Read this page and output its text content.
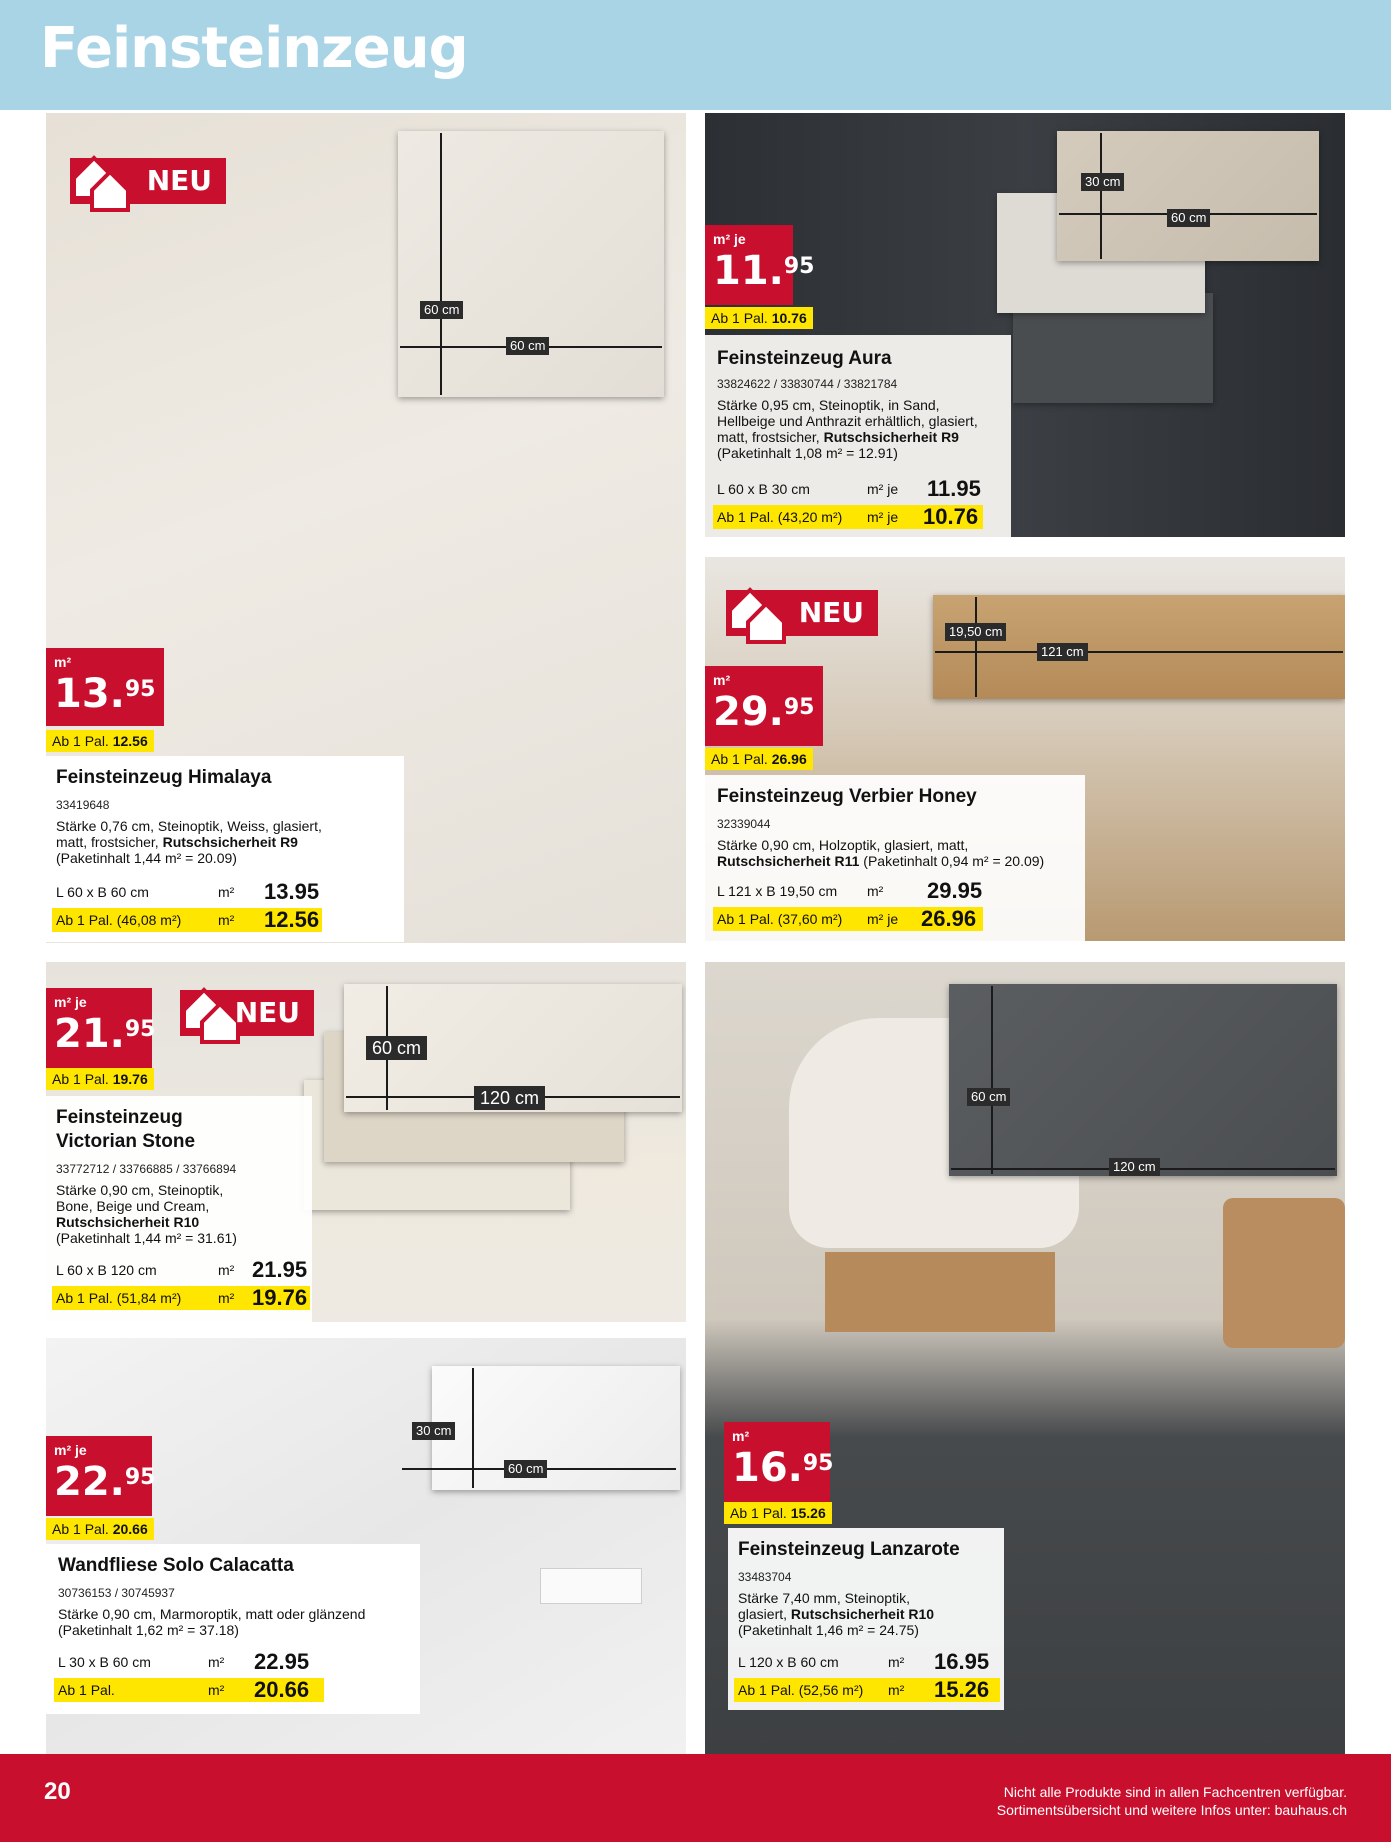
Feinsteinzeug
60 cm
60 cm
NEU
m²
13.95
Ab 1 Pal. 12.56
Feinsteinzeug Himalaya
33419648
Stärke 0,76 cm, Steinoptik, Weiss, glasiert,
matt, frostsicher, Rutschsicherheit R9
(Paketinhalt 1,44 m² = 20.09)
L 60 x B 60 cm	m² 13.95
Ab 1 Pal. (46,08 m²)	m² 12.56
30 cm
60 cm
m² je
11.95
Ab 1 Pal. 10.76
Feinsteinzeug Aura
33824622 / 33830744 / 33821784
Stärke 0,95 cm, Steinoptik, in Sand,
Hellbeige und Anthrazit erhältlich, glasiert,
matt, frostsicher, Rutschsicherheit R9
(Paketinhalt 1,08 m² = 12.91)
L 60 x B 30 cm	m² je 11.95
Ab 1 Pal. (43,20 m²) m² je 10.76
19,50 cm
121 cm
NEU
m²
29.95
Ab 1 Pal. 26.96
Feinsteinzeug Verbier Honey
32339044
Stärke 0,90 cm, Holzoptik, glasiert, matt,
Rutschsicherheit R11 (Paketinhalt 0,94 m² = 20.09)
L 121 x B 19,50 cm m² 29.95
Ab 1 Pal. (37,60 m²) m² je 26.96
60 cm
120 cm
m² je
21.95
NEU
Ab 1 Pal. 19.76
Feinsteinzeug
Victorian Stone
33772712 / 33766885 / 33766894
Stärke 0,90 cm, Steinoptik,
Bone, Beige und Cream,
Rutschsicherheit R10
(Paketinhalt 1,44 m² = 31.61)
L 60 x B 120 cm	m² 21.95
Ab 1 Pal. (51,84 m²)	m² 19.76
60 cm
120 cm
m²
16.95
Ab 1 Pal. 15.26
Feinsteinzeug Lanzarote
33483704
Stärke 7,40 mm, Steinoptik,
glasiert, Rutschsicherheit R10
(Paketinhalt 1,46 m² = 24.75)
L 120 x B 60 cm	m² 16.95
Ab 1 Pal. (52,56 m²) m² 15.26
30 cm
60 cm
m² je
22.95
Ab 1 Pal. 20.66
Wandfliese Solo Calacatta
30736153 / 30745937
Stärke 0,90 cm, Marmoroptik, matt oder glänzend
(Paketinhalt 1,62 m² = 37.18)
L 30 x B 60 cm	m² 22.95
Ab 1 Pal.	m² 20.66
20	Nicht alle Produkte sind in allen Fachcentren verfügbar.
Sortimentsübersicht und weitere Infos unter: bauhaus.ch
